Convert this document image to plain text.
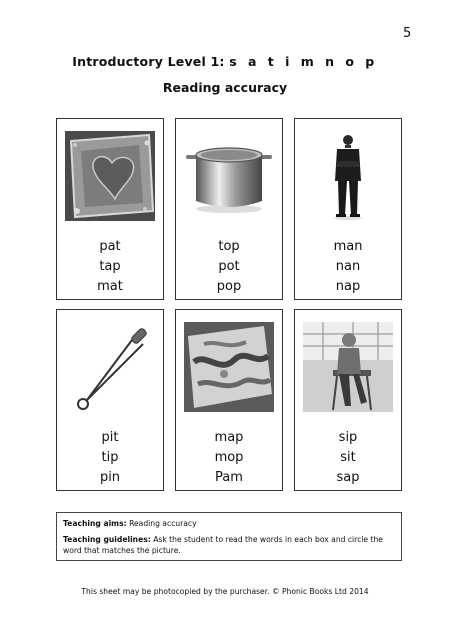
5
Introductory Level 1: s a t i m n o p
Reading accuracy
pat
tap
mat
top
pot
pop
man
nan
nap
pit
tip
pin
map
mop
Pam
sip
sit
sap
Teaching aims: Reading accuracy
Teaching guidelines: Ask the student to read the words in each box and circle the word that matches the picture.
This sheet may be photocopied by the purchaser. © Phonic Books Ltd 2014
